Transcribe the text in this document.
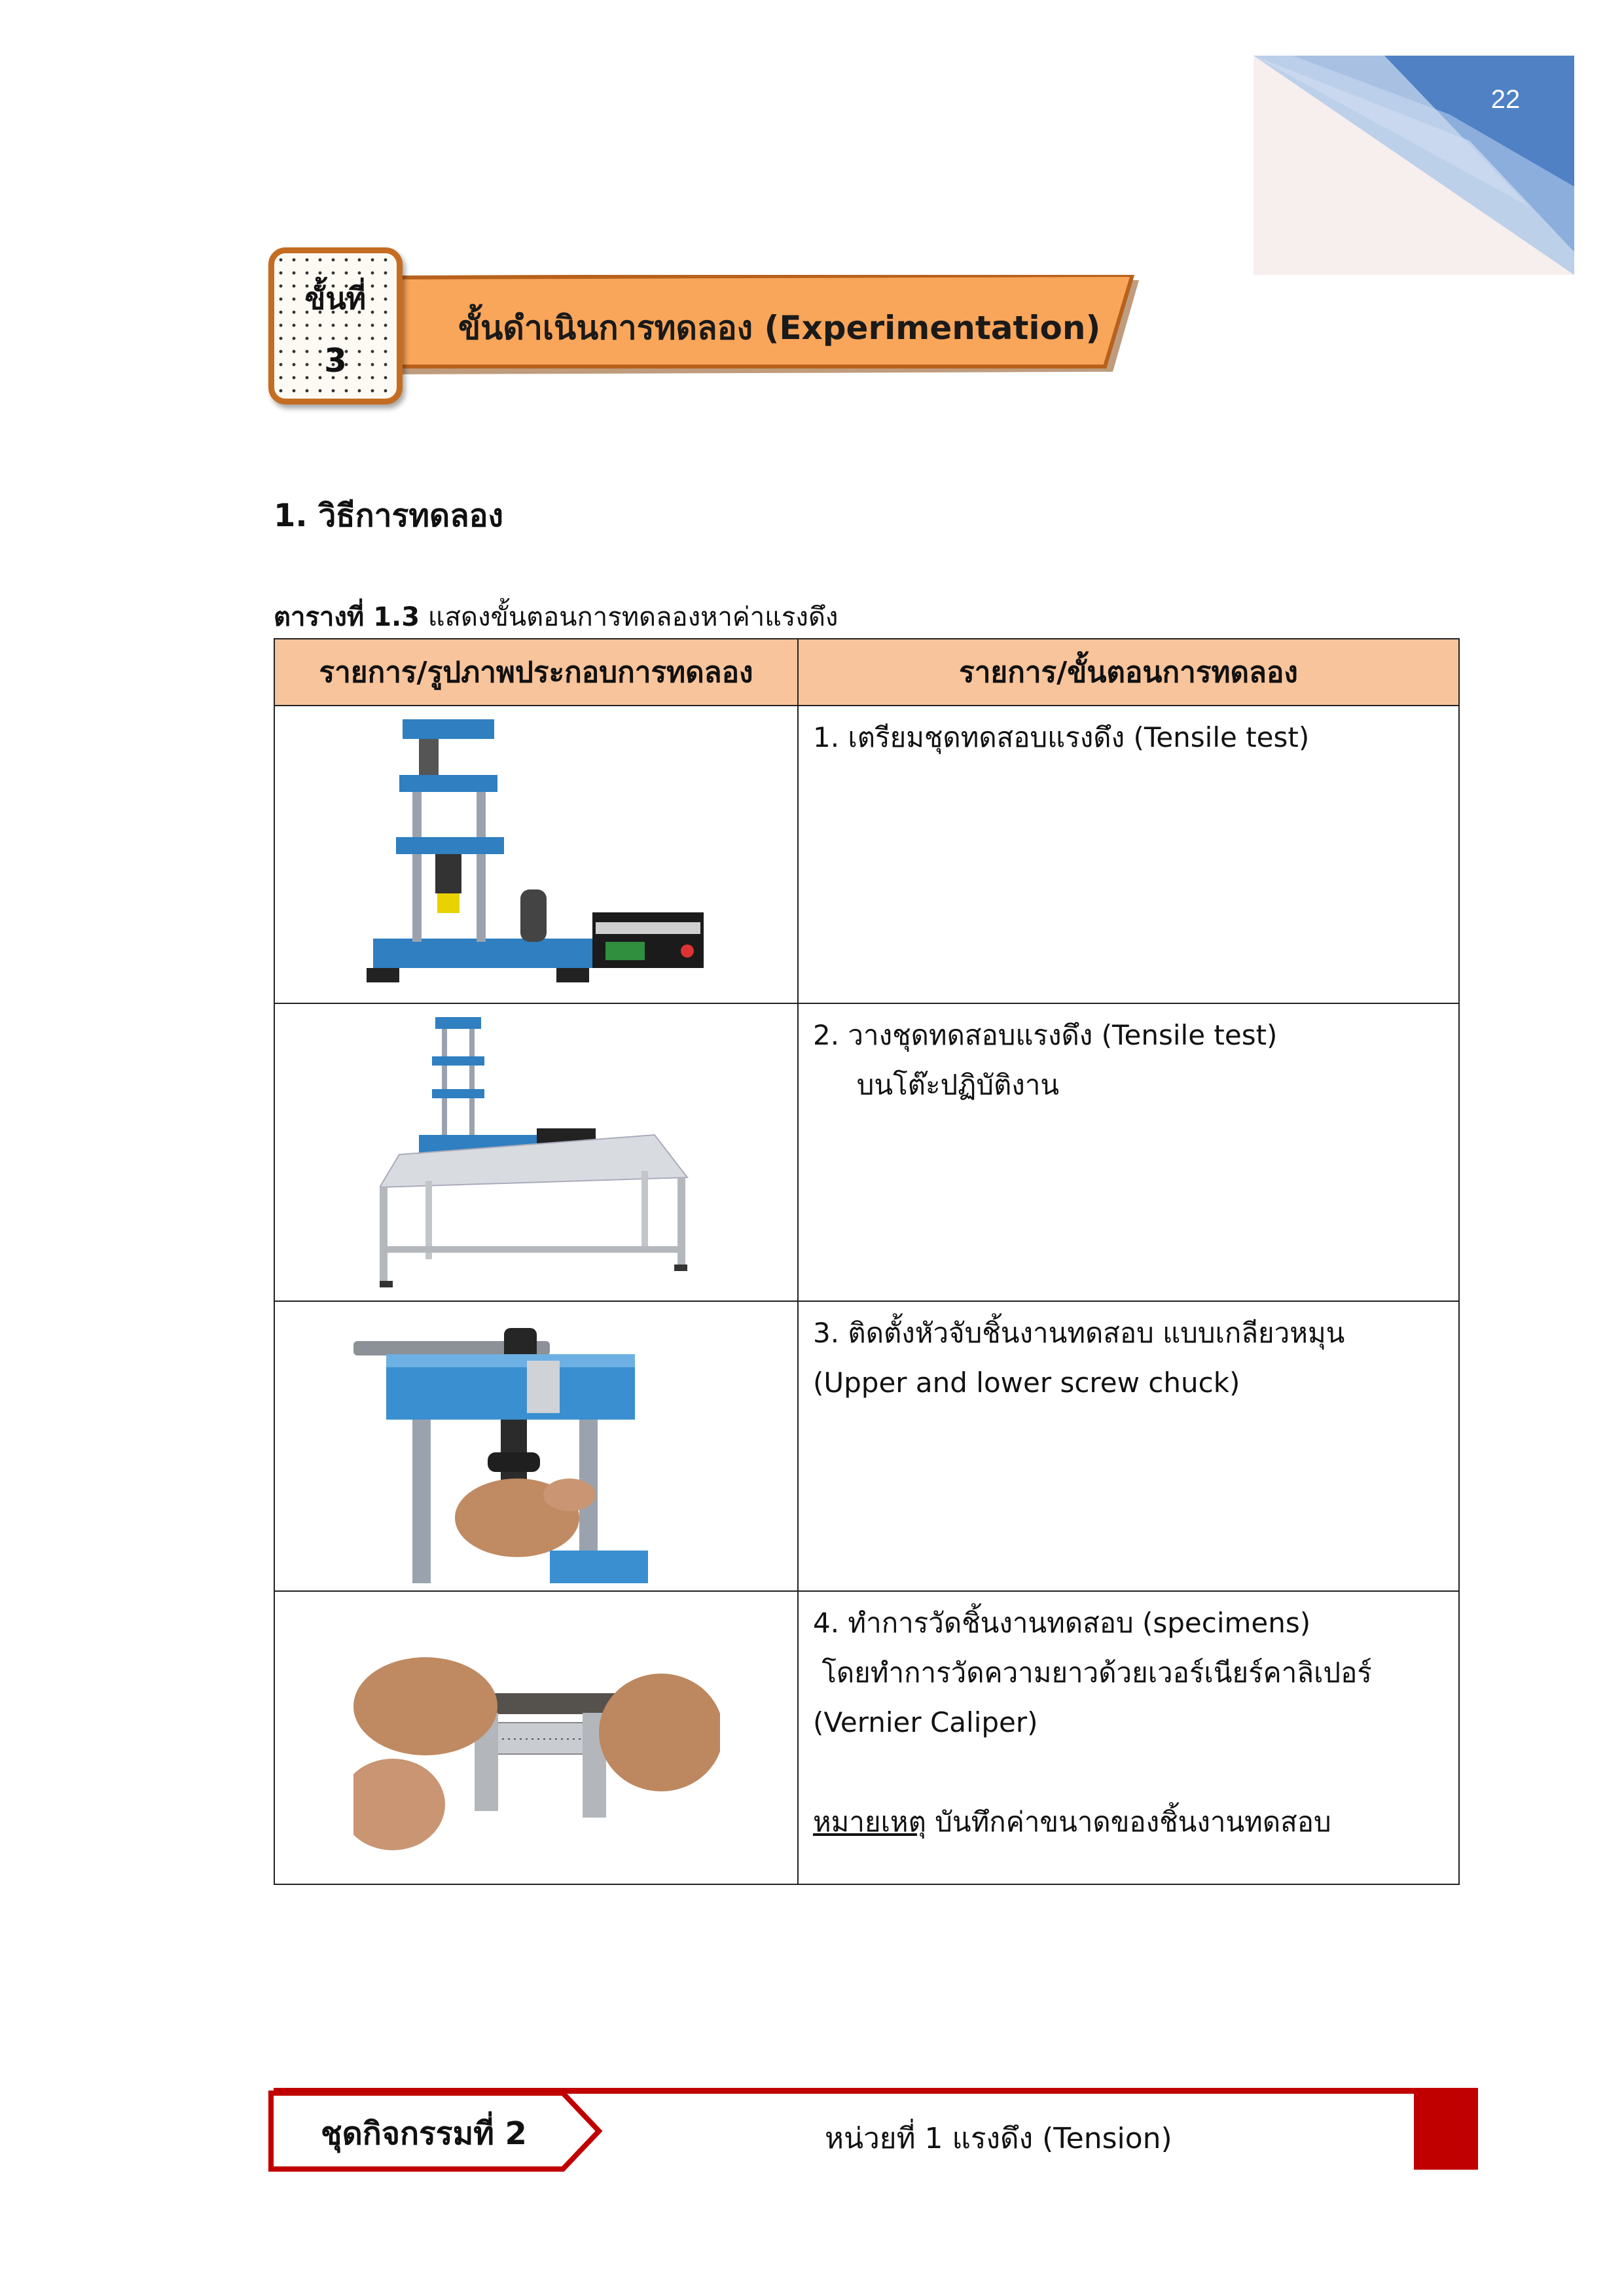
22
ขั้นดำเนินการทดลอง (Experimentation)
ขั้นที่
3
1. วิธีการทดลอง
ตารางที่ 1.3 แสดงขั้นตอนการทดลองหาค่าแรงดึง
รายการ/รูปภาพประกอบการทดลอง	รายการ/ขั้นตอนการทดลอง

1. เตรียมชุดทดสอบแรงดึง (Tensile test)

2. วางชุดทดสอบแรงดึง (Tensile test)
บนโต๊ะปฏิบัติงาน

3. ติดตั้งหัวจับชิ้นงานทดสอบ แบบเกลียวหมุน
(Upper and lower screw chuck)

4. ทำการวัดชิ้นงานทดสอบ (specimens)
โดยทำการวัดความยาวด้วยเวอร์เนียร์คาลิเปอร์
(Vernier Caliper)
หมายเหตุ บันทึกค่าขนาดของชิ้นงานทดสอบ
ชุดกิจกรรมที่ 2	หน่วยที่ 1 แรงดึง (Tension)
